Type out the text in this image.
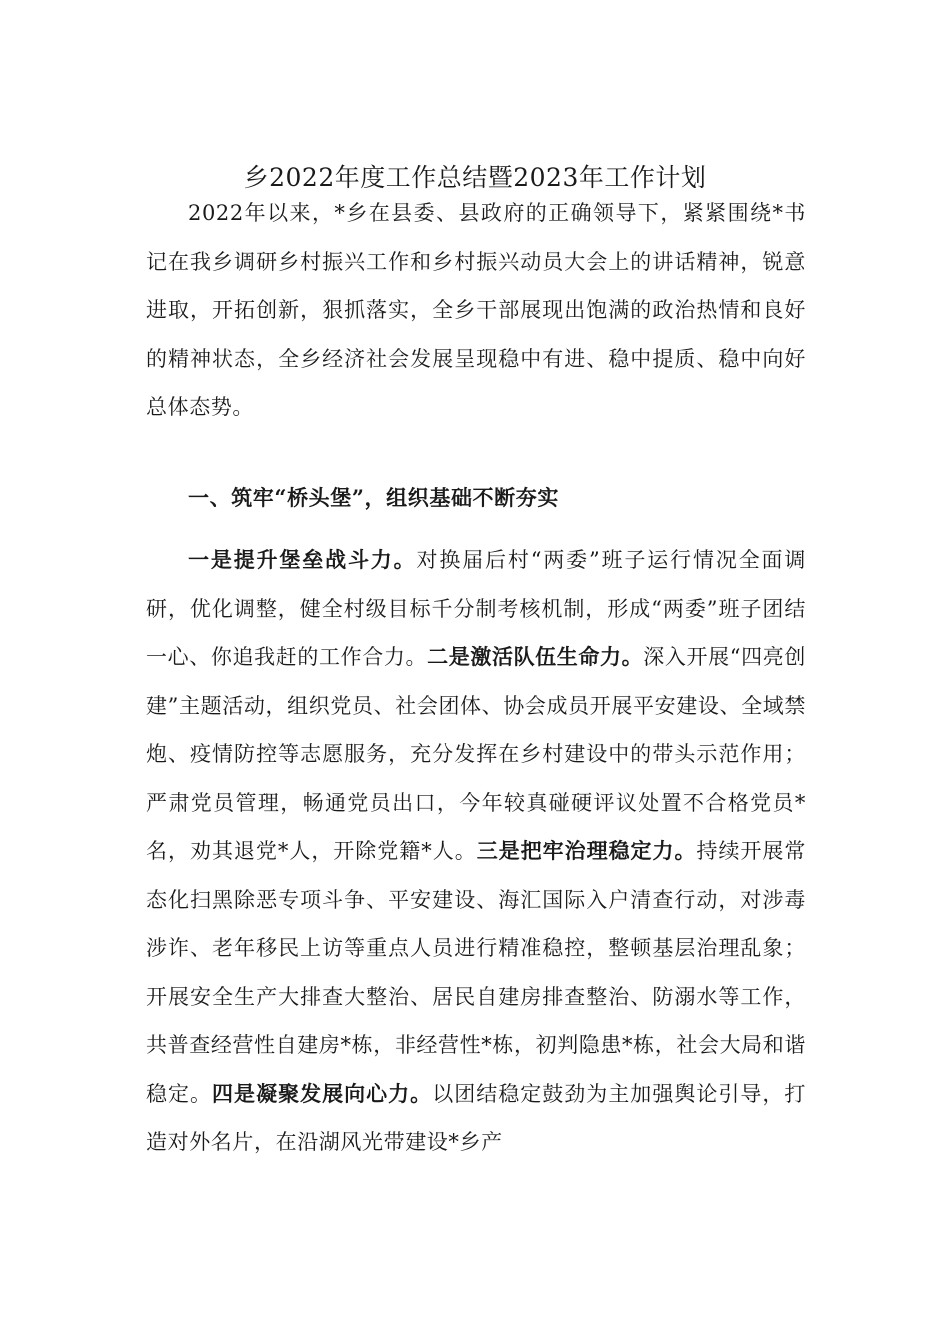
乡2022年度工作总结暨2023年工作计划

2022年以来，*乡在县委、县政府的正确领导下，紧紧围绕*书记在我乡调研乡村振兴工作和乡村振兴动员大会上的讲话精神，锐意进取，开拓创新，狠抓落实，全乡干部展现出饱满的政治热情和良好的精神状态，全乡经济社会发展呈现稳中有进、稳中提质、稳中向好总体态势。

一、筑牢“桥头堡”，组织基础不断夯实

一是提升堡垒战斗力。对换届后村“两委”班子运行情况全面调研，优化调整，健全村级目标千分制考核机制，形成“两委”班子团结一心、你追我赶的工作合力。二是激活队伍生命力。深入开展“四亮创建”主题活动，组织党员、社会团体、协会成员开展平安建设、全域禁炮、疫情防控等志愿服务，充分发挥在乡村建设中的带头示范作用；严肃党员管理，畅通党员出口，今年较真碰硬评议处置不合格党员*名，劝其退党*人，开除党籍*人。三是把牢治理稳定力。持续开展常态化扫黑除恶专项斗争、平安建设、海汇国际入户清查行动，对涉毒涉诈、老年移民上访等重点人员进行精准稳控，整顿基层治理乱象；开展安全生产大排查大整治、居民自建房排查整治、防溺水等工作，共普查经营性自建房*栋，非经营性*栋，初判隐患*栋，社会大局和谐稳定。四是凝聚发展向心力。以团结稳定鼓劲为主加强舆论引导，打造对外名片，在沿湖风光带建设*乡产
